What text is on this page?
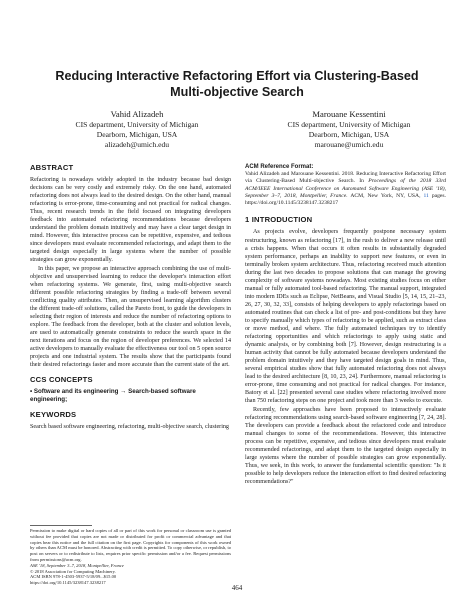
Reducing Interactive Refactoring Effort via Clustering-Based
Multi-objective Search
Vahid Alizadeh
CIS department, University of Michigan
Dearborn, Michigan, USA
alizadeh@umich.edu
Marouane Kessentini
CIS department, University of Michigan
Dearborn, Michigan, USA
marouane@umich.edu
ABSTRACT

Refactoring is nowadays widely adopted in the industry because bad design decisions can be very costly and extremely risky. On the one hand, automated refactoring does not always lead to the desired design. On the other hand, manual refactoring is error-prone, time-consuming and not practical for radical changes. Thus, recent research trends in the field focused on integrating developers feedback into automated refactoring recommendations because developers understand the problem domain intuitively and may have a clear target design in mind. However, this interactive process can be repetitive, expensive, and tedious since developers must evaluate recommended refactorings, and adapt them to the targeted design especially in large systems where the number of possible strategies can grow exponentially.

In this paper, we propose an interactive approach combining the use of multi-objective and unsupervised learning to reduce the developer's interaction effort when refactoring systems. We generate, first, using multi-objective search different possible refactoring strategies by finding a trade-off between several conflicting quality attributes. Then, an unsupervised learning algorithm clusters the different trade-off solutions, called the Pareto front, to guide the developers in selecting their region of interests and reduce the number of refactoring options to explore. The feedback from the developer, both at the cluster and solution levels, are used to automatically generate constraints to reduce the search space in the next iterations and focus on the region of developer preferences. We selected 14 active developers to manually evaluate the effectiveness our tool on 5 open source projects and one industrial system. The results show that the participants found their desired refactorings faster and more accurate than the current state of the art.

CCS CONCEPTS
• Software and its engineering → Search-based software engineering;
KEYWORDS

Search based software engineering, refactoring, multi-objective search, clustering

Permission to make digital or hard copies of all or part of this work for personal or classroom use is granted without fee provided that copies are not made or distributed for profit or commercial advantage and that copies bear this notice and the full citation on the first page. Copyrights for components of this work owned by others than ACM must be honored. Abstracting with credit is permitted. To copy otherwise, or republish, to post on servers or to redistribute to lists, requires prior specific permission and/or a fee. Request permissions from permissions@acm.org.
ASE '18, September 3–7, 2018, Montpellier, France
© 2018 Association for Computing Machinery.
ACM ISBN 978-1-4503-5937-5/18/09...$15.00
https://doi.org/10.1145/3238147.3238217
ACM Reference Format:
Vahid Alizadeh and Marouane Kessentini. 2018. Reducing Interactive Refactoring Effort via Clustering-Based Multi-objective Search. In Proceedings of the 2018 33rd ACM/IEEE International Conference on Automated Software Engineering (ASE '18), September 3–7, 2018, Montpellier, France. ACM, New York, NY, USA, 11 pages. https://doi.org/10.1145/3238147.3238217
1 INTRODUCTION

As projects evolve, developers frequently postpone necessary system restructuring, known as refactoring [17], in the rush to deliver a new release until a crisis happens. When that occurs it often results in substantially degraded system performance, perhaps an inability to support new features, or even in terminally broken system architecture. Thus, refactoring received much attention during the last two decades to propose solutions that can manage the growing complexity of software systems nowadays. Most existing studies focus on either manual or fully automated tool-based refactoring. The manual support, integrated into modern IDEs such as Eclipse, NetBeans, and Visual Studio [5, 14, 15, 21–23, 26, 27, 30, 32, 33], consists of helping developers to apply refactorings based on automated routines that can check a list of pre- and post-conditions but they have to specify manually which types of refactoring to be applied, such as extract class or move method, and where. The fully automated techniques try to identify refactoring opportunities and which refactorings to apply using static and dynamic analysis, or by combining both [7]. However, design restructuring is a human activity that cannot be fully automated because developers understand the problem domain intuitively and they have targeted design goals in mind. Thus, several empirical studies show that fully automated refactoring does not always lead to the desired architecture [8, 10, 23, 24]. Furthermore, manual refactoring is error-prone, time consuming and not practical for radical changes. For instance, Batory et al. [22] presented several case studies where refactoring involved more than 750 refactoring steps on one project and took more than 3 weeks to execute.

Recently, few approaches have been proposed to interactively evaluate refactoring recommendations using search-based software engineering [7, 24, 28]. The developers can provide a feedback about the refactored code and introduce manual changes to some of the recommendations. However, this interactive process can be repetitive, expensive, and tedious since developers must evaluate recommended refactorings, and adapt them to the targeted design especially in large systems where the number of possible strategies can grow exponentially. Thus, we seek, in this work, to answer the fundamental scientific question: "Is it possible to help developers reduce the interaction effort to find desired refactoring recommendations?"

464
